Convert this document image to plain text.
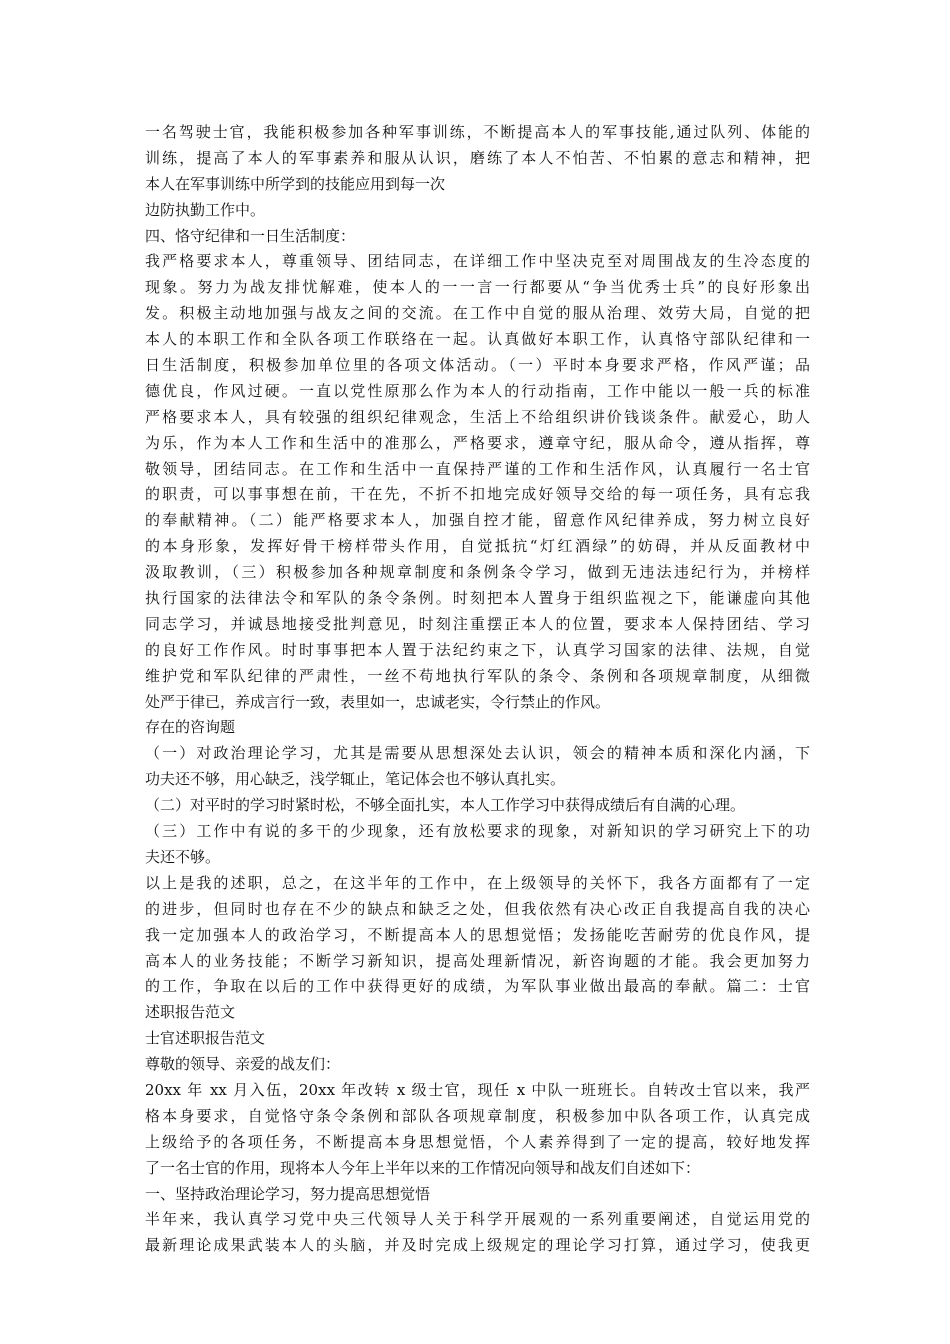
一名驾驶士官，我能积极参加各种军事训练，不断提高本人的军事技能,通过队列、体能的
训练，提高了本人的军事素养和服从认识，磨练了本人不怕苦、不怕累的意志和精神，把
本人在军事训练中所学到的技能应用到每一次
边防执勤工作中。
四、恪守纪律和一日生活制度：
我严格要求本人，尊重领导、团结同志，在详细工作中坚决克至对周围战友的生冷态度的
现象。努力为战友排忧解难，使本人的一一言一行都要从“争当优秀士兵”的良好形象出
发。积极主动地加强与战友之间的交流。在工作中自觉的服从治理、效劳大局，自觉的把
本人的本职工作和全队各项工作联络在一起。认真做好本职工作，认真恪守部队纪律和一
日生活制度，积极参加单位里的各项文体活动。（一）平时本身要求严格，作风严谨；品
德优良，作风过硬。一直以党性原那么作为本人的行动指南，工作中能以一般一兵的标准
严格要求本人，具有较强的组织纪律观念，生活上不给组织讲价钱谈条件。献爱心，助人
为乐，作为本人工作和生活中的准那么，严格要求，遵章守纪，服从命令，遵从指挥，尊
敬领导，团结同志。在工作和生活中一直保持严谨的工作和生活作风，认真履行一名士官
的职责，可以事事想在前，干在先，不折不扣地完成好领导交给的每一项任务，具有忘我
的奉献精神。（二）能严格要求本人，加强自控才能，留意作风纪律养成，努力树立良好
的本身形象，发挥好骨干榜样带头作用，自觉抵抗“灯红酒绿”的妨碍，并从反面教材中
汲取教训，（三）积极参加各种规章制度和条例条令学习，做到无违法违纪行为，并榜样
执行国家的法律法令和军队的条令条例。时刻把本人置身于组织监视之下，能谦虚向其他
同志学习，并诚恳地接受批判意见，时刻注重摆正本人的位置，要求本人保持团结、学习
的良好工作作风。时时事事把本人置于法纪约束之下，认真学习国家的法律、法规，自觉
维护党和军队纪律的严肃性，一丝不苟地执行军队的条令、条例和各项规章制度，从细微
处严于律已，养成言行一致，表里如一，忠诚老实，令行禁止的作风。
存在的咨询题
（一）对政治理论学习，尤其是需要从思想深处去认识，领会的精神本质和深化内涵，下
功夫还不够，用心缺乏，浅学辄止，笔记体会也不够认真扎实。
（二）对平时的学习时紧时松，不够全面扎实，本人工作学习中获得成绩后有自满的心理。
（三）工作中有说的多干的少现象，还有放松要求的现象，对新知识的学习研究上下的功
夫还不够。
以上是我的述职，总之，在这半年的工作中，在上级领导的关怀下，我各方面都有了一定
的进步，但同时也存在不少的缺点和缺乏之处，但我依然有决心改正自我提高自我的决心
我一定加强本人的政治学习，不断提高本人的思想觉悟；发扬能吃苦耐劳的优良作风，提
高本人的业务技能；不断学习新知识，提高处理新情况，新咨询题的才能。我会更加努力
的工作，争取在以后的工作中获得更好的成绩，为军队事业做出最高的奉献。篇二：士官
述职报告范文
士官述职报告范文
尊敬的领导、亲爱的战友们：
20xx 年 xx 月入伍，20xx 年改转 x 级士官，现任 x 中队一班班长。自转改士官以来，我严
格本身要求，自觉恪守条令条例和部队各项规章制度，积极参加中队各项工作，认真完成
上级给予的各项任务，不断提高本身思想觉悟，个人素养得到了一定的提高，较好地发挥
了一名士官的作用，现将本人今年上半年以来的工作情况向领导和战友们自述如下：
一、坚持政治理论学习，努力提高思想觉悟
半年来，我认真学习党中央三代领导人关于科学开展观的一系列重要阐述，自觉运用党的
最新理论成果武装本人的头脑，并及时完成上级规定的理论学习打算，通过学习，使我更
